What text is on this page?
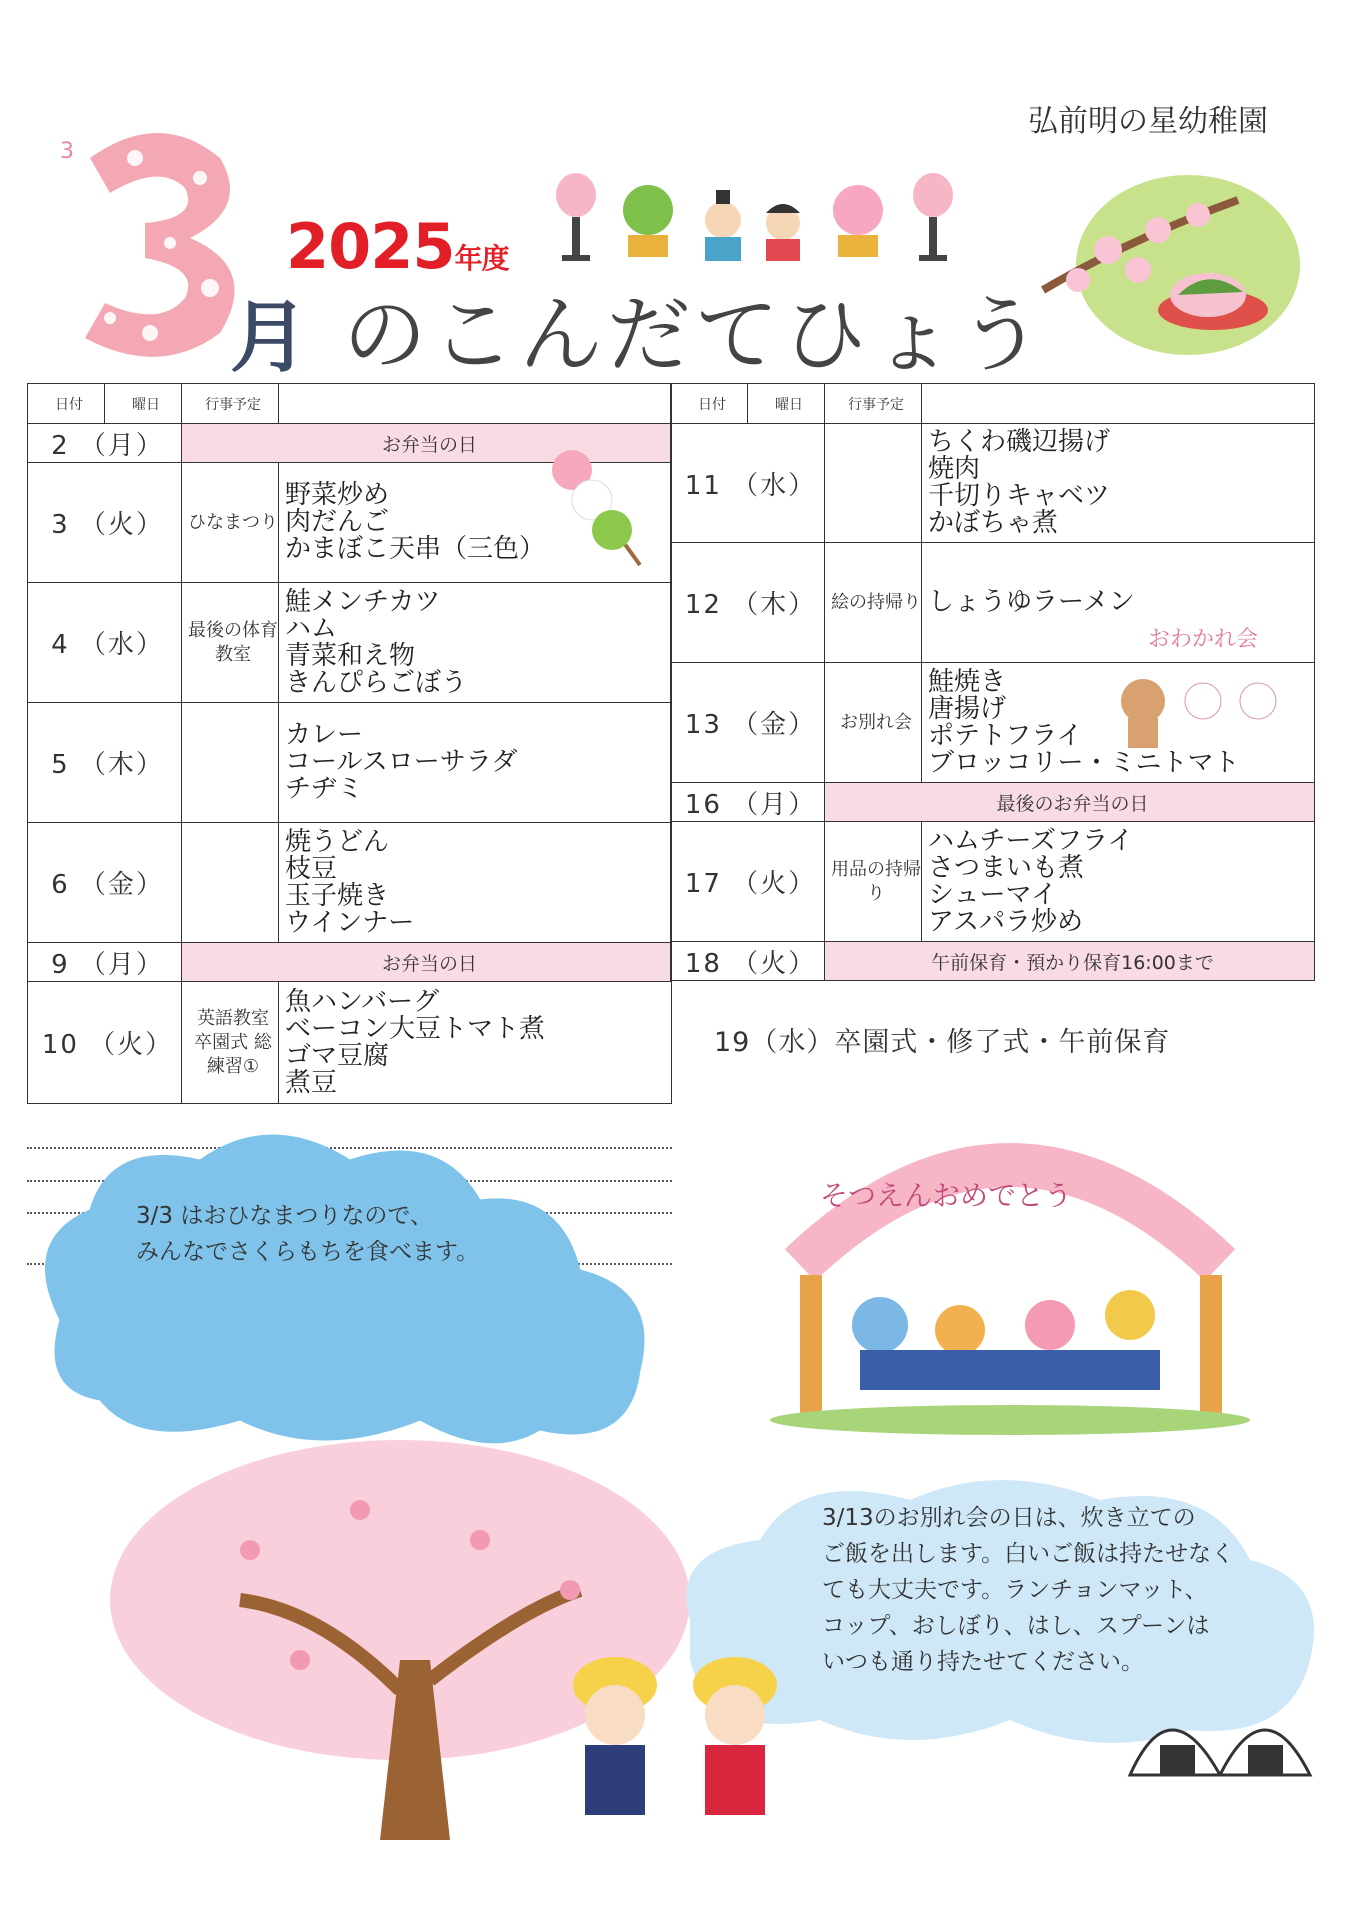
弘前明の星幼稚園
3
2025年度
月 のこんだてひょう
日付	曜日	行事予定	
2 （月）		お弁当の日	
3 （火）		ひなまつり	野菜炒め
肉だんご
かまぼこ天串（三色）

4 （水）		最後の体育教室	鮭メンチカツ
ハム
青菜和え物
きんぴらごぼう

5 （木）			カレー
コールスローサラダ
チヂミ

6 （金）			焼うどん
枝豆
玉子焼き
ウインナー

9 （月）		お弁当の日	
10 （火）		英語教室 卒園式 総練習①	魚ハンバーグ
ベーコン大豆トマト煮
ゴマ豆腐
煮豆
日付	曜日	行事予定	
11 （水）			ちくわ磯辺揚げ
焼肉
千切りキャベツ
かぼちゃ煮

12 （木）		絵の持帰り	しょうゆラーメン

13 （金）		お別れ会	鮭焼き
唐揚げ
ポテトフライ
ブロッコリー・ミニトマト

16 （月）		最後のお弁当の日	
17 （火）		用品の持帰り	ハムチーズフライ
さつまいも煮
シューマイ
アスパラ炒め

18 （火）		午前保育・預かり保育16:00まで	
おわかれ会
19（水）卒園式・修了式・午前保育
3/3 はおひなまつりなので、
みんなでさくらもちを食べます。
そつえんおめでとう
3/13のお別れ会の日は、炊き立ての
ご飯を出します。白いご飯は持たせなく
ても大丈夫です。ランチョンマット、
コップ、おしぼり、はし、スプーンは
いつも通り持たせてください。
